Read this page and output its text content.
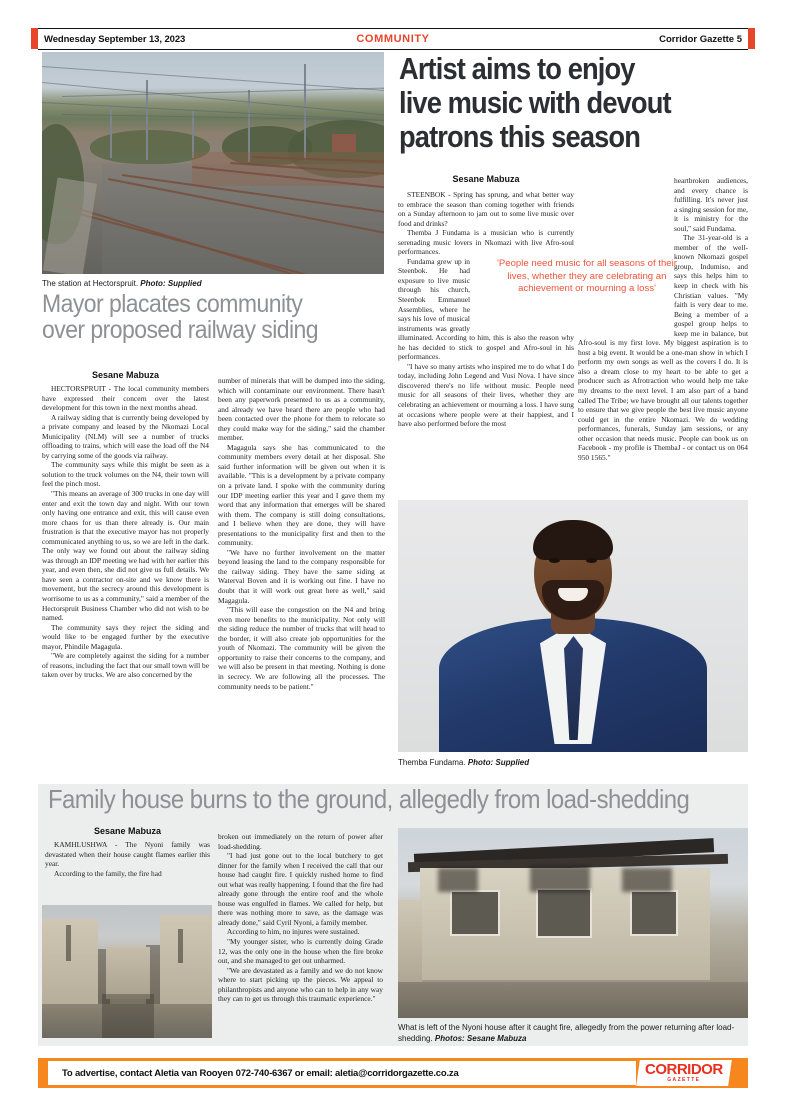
Wednesday September 13, 2023	COMMUNITY	Corridor Gazette 5
The station at Hectorspruit. Photo: Supplied
Mayor placates community
over proposed railway siding
Sesane Mabuza

HECTORSPRUIT - The local community members have expressed their concern over the latest development for this town in the next months ahead.

A railway siding that is currently being developed by a private company and leased by the Nkomazi Local Municipality (NLM) will see a number of trucks offloading to trains, which will ease the load off the N4 by carrying some of the goods via railway.

The community says while this might be seen as a solution to the truck volumes on the N4, their town will feel the pinch most.

"This means an average of 300 trucks in one day will enter and exit the town day and night. With our town only having one entrance and exit, this will cause even more chaos for us than there already is. Our main frustration is that the executive mayor has not properly communicated anything to us, so we are left in the dark. The only way we found out about the railway siding was through an IDP meeting we had with her earlier this year, and even then, she did not give us full details. We have seen a contractor on-site and we know there is movement, but the secrecy around this development is worrisome to us as a community," said a member of the Hectorspruit Business Chamber who did not wish to be named.

The community says they reject the siding and would like to be engaged further by the executive mayor, Phindile Magagula.

"We are completely against the siding for a number of reasons, including the fact that our small town will be taken over by trucks. We are also concerned by the

number of minerals that will be dumped into the siding, which will contaminate our environment. There hasn't been any paperwork presented to us as a community, and already we have heard there are people who had been contacted over the phone for them to relocate so they could make way for the siding," said the chamber member.

Magagula says she has communicated to the community members every detail at her disposal. She said further information will be given out when it is available. "This is a development by a private company on a private land. I spoke with the community during our IDP meeting earlier this year and I gave them my word that any information that emerges will be shared with them. The company is still doing consultations, and I believe when they are done, they will have presentations to the municipality first and then to the community.

"We have no further involvement on the matter beyond leasing the land to the company responsible for the railway siding. They have the same siding at Waterval Boven and it is working out fine. I have no doubt that it will work out great here as well," said Magagula.

"This will ease the congestion on the N4 and bring even more benefits to the municipality. Not only will the siding reduce the number of trucks that will head to the border, it will also create job opportunities for the youth of Nkomazi. The community will be given the opportunity to raise their concerns to the company, and we will also be present in that meeting. Nothing is done in secrecy. We are following all the processes. The community needs to be patient."

Artist aims to enjoy
live music with devout
patrons this season
Sesane Mabuza

STEENBOK - Spring has sprung, and what better way to embrace the season than coming together with friends on a Sunday afternoon to jam out to some live music over food and drinks?

Themba J Fundama is a musician who is currently serenading music lovers in Nkomazi with live Afro-soul performances.

Fundama grew up in Steenbok. He had exposure to live music through his church, Steenbok Emmanuel Assemblies, where he says his love of musical instruments was greatly illuminated. According to him, this is also the reason why he has decided to stick to gospel and Afro-soul in his performances.

"I have so many artists who inspired me to do what I do today, including John Legend and Vusi Nova. I have since discovered there's no life without music. People need music for all seasons of their lives, whether they are celebrating an achievement or mourning a loss. I have sung at occasions where people were at their happiest, and I have also performed before the most

heartbroken audiences, and every chance is fulfilling. It's never just a singing session for me, it is ministry for the soul," said Fundama.

The 31-year-old is a member of the well-known Nkomazi gospel group, Indumiso, and says this helps him to keep in check with his Christian values. "My faith is very dear to me. Being a member of a gospel group helps to keep me in balance, but Afro-soul is my first love. My biggest aspiration is to host a big event. It would be a one-man show in which I perform my own songs as well as the covers I do. It is also a dream close to my heart to be able to get a producer such as Afrotraction who would help me take my dreams to the next level. I am also part of a band called The Tribe; we have brought all our talents together to ensure that we give people the best live music anyone could get in the entire Nkomazi. We do wedding performances, funerals, Sunday jam sessions, or any other occasion that needs music. People can book us on Facebook - my profile is ThembaJ - or contact us on 064 950 1565."

'People need music for all seasons of their lives, whether they are celebrating an achievement or mourning a loss'
Themba Fundama. Photo: Supplied
Family house burns to the ground, allegedly from load-shedding
Sesane Mabuza

KAMHLUSHWA - The Nyoni family was devastated when their house caught flames earlier this year.

According to the family, the fire had

What is left of the Nyoni house after it caught fire, allegedly from the power returning after load-shedding. Photos: Sesane Mabuza

broken out immediately on the return of power after load-shedding.

"I had just gone out to the local butchery to get dinner for the family when I received the call that our house had caught fire. I quickly rushed home to find out what was really happening. I found that the fire had already gone through the entire roof and the whole house was engulfed in flames. We called for help, but there was nothing more to save, as the damage was already done," said Cyril Nyoni, a family member.

According to him, no injures were sustained.

"My younger sister, who is currently doing Grade 12, was the only one in the house when the fire broke out, and she managed to get out unharmed.

"We are devastated as a family and we do not know where to start picking up the pieces. We appeal to philanthropists and anyone who can to help in any way they can to get us through this traumatic experience."

To advertise, contact Aletia van Rooyen 072-740-6367 or email: aletia@corridorgazette.co.za	CORRIDOR
GAZETTE
